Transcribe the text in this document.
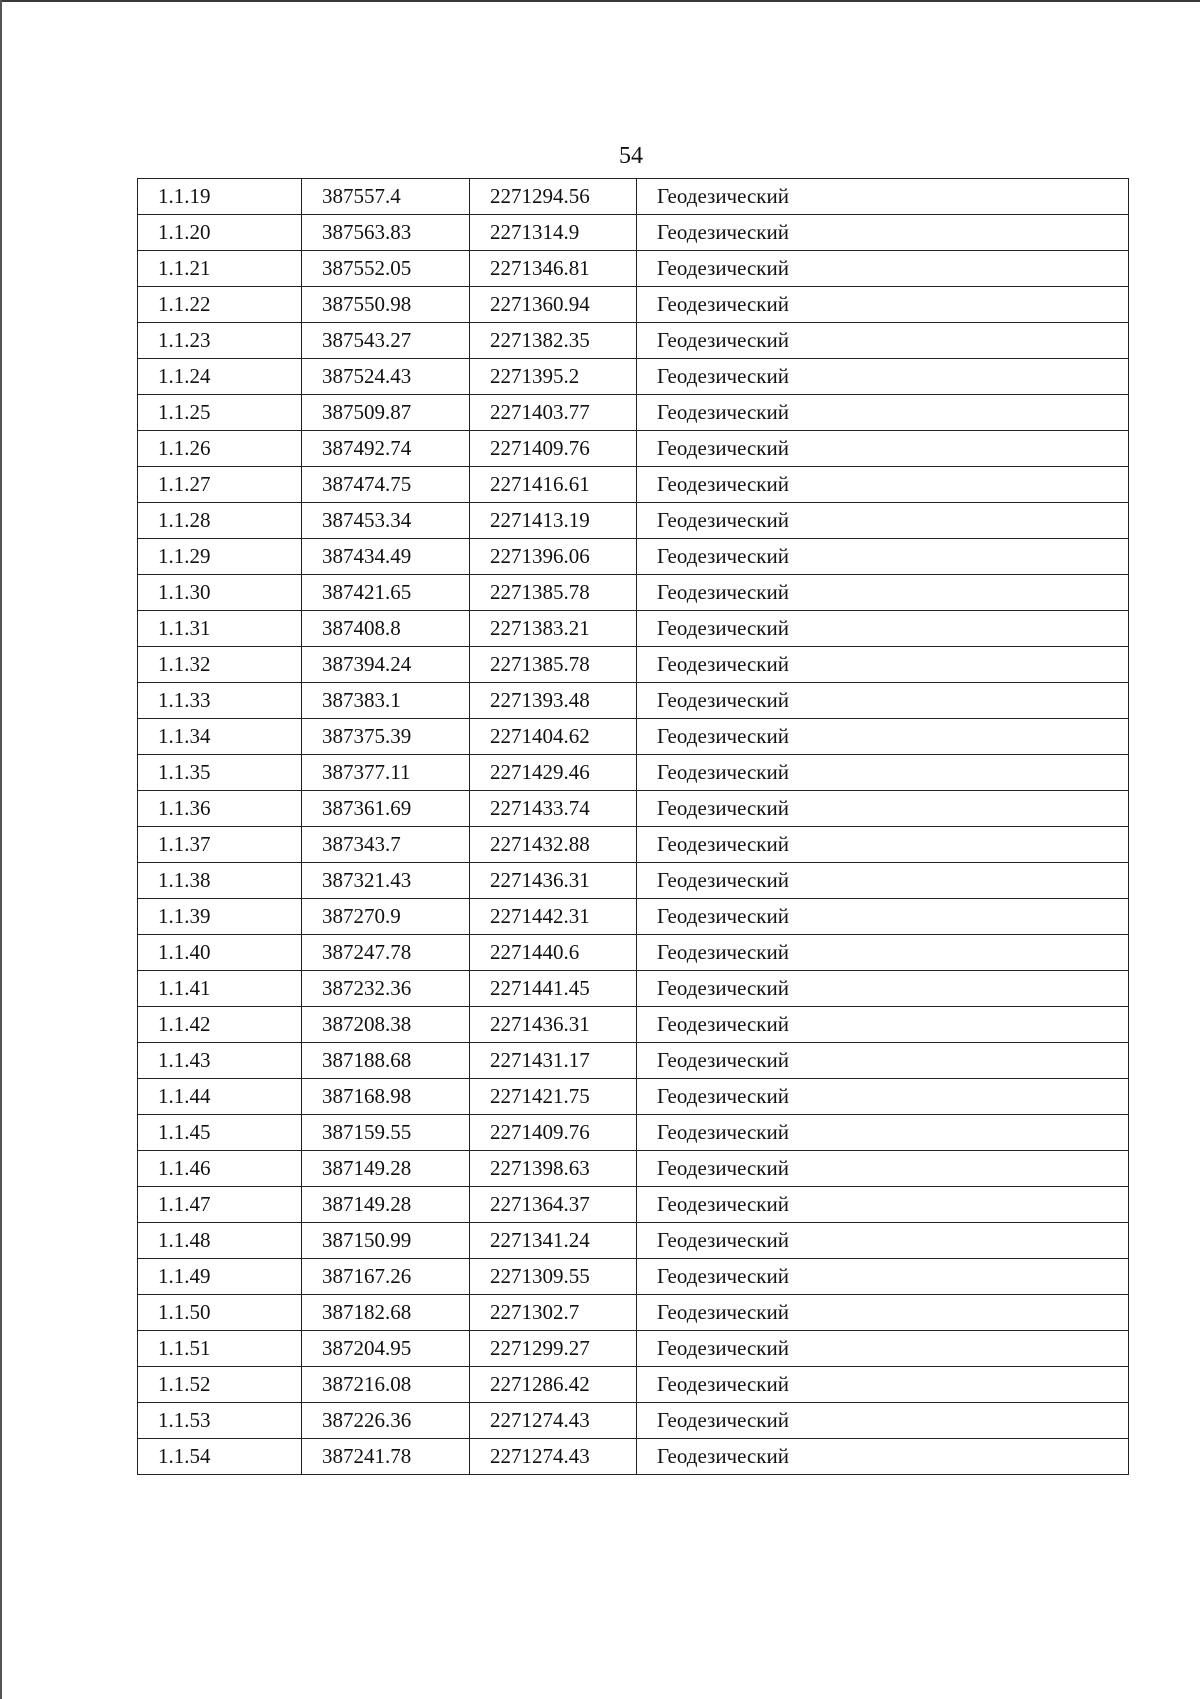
54
1.1.19	387557.4	2271294.56	Геодезический
1.1.20	387563.83	2271314.9	Геодезический
1.1.21	387552.05	2271346.81	Геодезический
1.1.22	387550.98	2271360.94	Геодезический
1.1.23	387543.27	2271382.35	Геодезический
1.1.24	387524.43	2271395.2	Геодезический
1.1.25	387509.87	2271403.77	Геодезический
1.1.26	387492.74	2271409.76	Геодезический
1.1.27	387474.75	2271416.61	Геодезический
1.1.28	387453.34	2271413.19	Геодезический
1.1.29	387434.49	2271396.06	Геодезический
1.1.30	387421.65	2271385.78	Геодезический
1.1.31	387408.8	2271383.21	Геодезический
1.1.32	387394.24	2271385.78	Геодезический
1.1.33	387383.1	2271393.48	Геодезический
1.1.34	387375.39	2271404.62	Геодезический
1.1.35	387377.11	2271429.46	Геодезический
1.1.36	387361.69	2271433.74	Геодезический
1.1.37	387343.7	2271432.88	Геодезический
1.1.38	387321.43	2271436.31	Геодезический
1.1.39	387270.9	2271442.31	Геодезический
1.1.40	387247.78	2271440.6	Геодезический
1.1.41	387232.36	2271441.45	Геодезический
1.1.42	387208.38	2271436.31	Геодезический
1.1.43	387188.68	2271431.17	Геодезический
1.1.44	387168.98	2271421.75	Геодезический
1.1.45	387159.55	2271409.76	Геодезический
1.1.46	387149.28	2271398.63	Геодезический
1.1.47	387149.28	2271364.37	Геодезический
1.1.48	387150.99	2271341.24	Геодезический
1.1.49	387167.26	2271309.55	Геодезический
1.1.50	387182.68	2271302.7	Геодезический
1.1.51	387204.95	2271299.27	Геодезический
1.1.52	387216.08	2271286.42	Геодезический
1.1.53	387226.36	2271274.43	Геодезический
1.1.54	387241.78	2271274.43	Геодезический
